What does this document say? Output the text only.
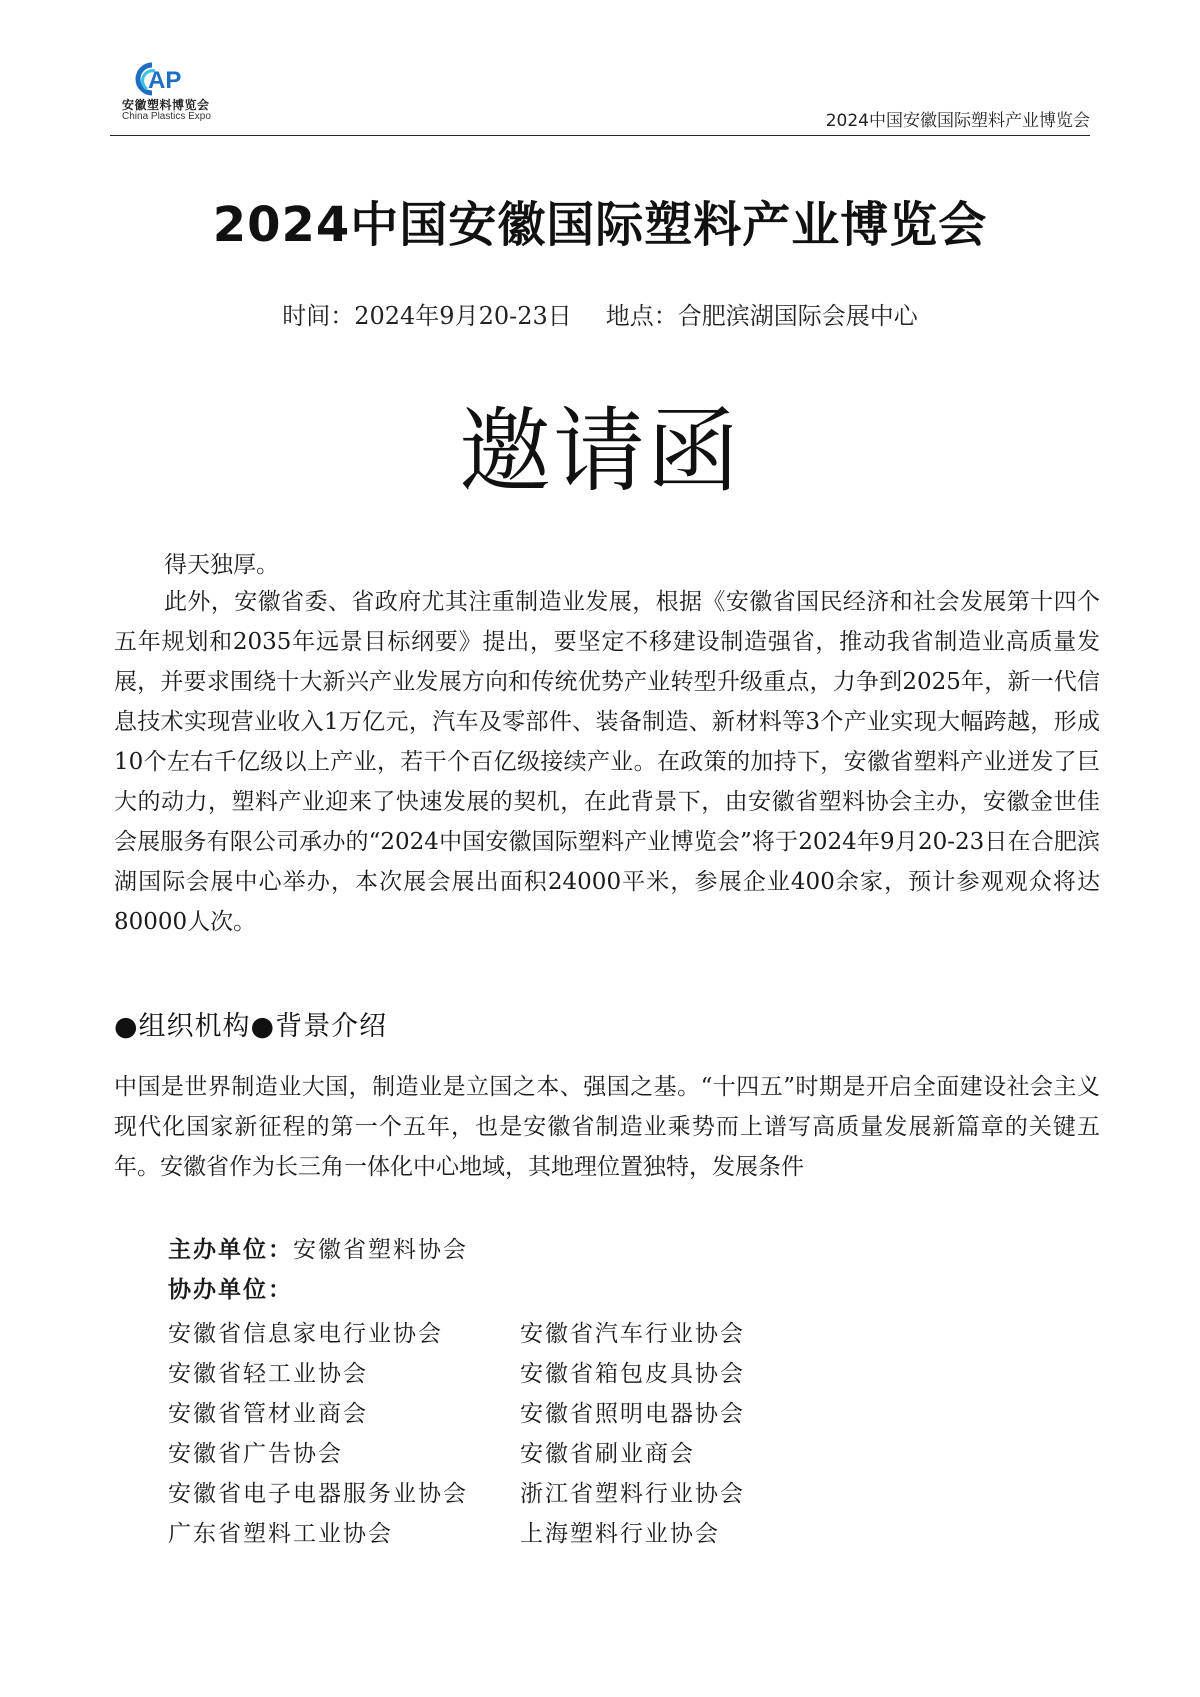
AP
安徽塑料博览会
China Plastics Expo	2024中国安徽国际塑料产业博览会
2024中国安徽国际塑料产业博览会
时间：2024年9月20-23日 地点：合肥滨湖国际会展中心
邀请函
得天独厚。

此外，安徽省委、省政府尤其注重制造业发展，根据《安徽省国民经济和社会发展第十四个五年规划和2035年远景目标纲要》提出，要坚定不移建设制造强省，推动我省制造业高质量发展，并要求围绕十大新兴产业发展方向和传统优势产业转型升级重点，力争到2025年，新一代信息技术实现营业收入1万亿元，汽车及零部件、装备制造、新材料等3个产业实现大幅跨越，形成10个左右千亿级以上产业，若干个百亿级接续产业。在政策的加持下，安徽省塑料产业迸发了巨大的动力，塑料产业迎来了快速发展的契机，在此背景下，由安徽省塑料协会主办，安徽金世佳会展服务有限公司承办的“2024中国安徽国际塑料产业博览会”将于2024年9月20-23日在合肥滨湖国际会展中心举办，本次展会展出面积24000平米，参展企业400余家，预计参观观众将达80000人次。

●组织机构●背景介绍
中国是世界制造业大国，制造业是立国之本、强国之基。“十四五”时期是开启全面建设社会主义现代化国家新征程的第一个五年，也是安徽省制造业乘势而上谱写高质量发展新篇章的关键五年。安徽省作为长三角一体化中心地域，其地理位置独特，发展条件
主办单位：安徽省塑料协会
协办单位：
安徽省信息家电行业协会	安徽省汽车行业协会
安徽省轻工业协会	安徽省箱包皮具协会
安徽省管材业商会	安徽省照明电器协会
安徽省广告协会	安徽省刷业商会
安徽省电子电器服务业协会 浙江省塑料行业协会
广东省塑料工业协会	上海塑料行业协会
